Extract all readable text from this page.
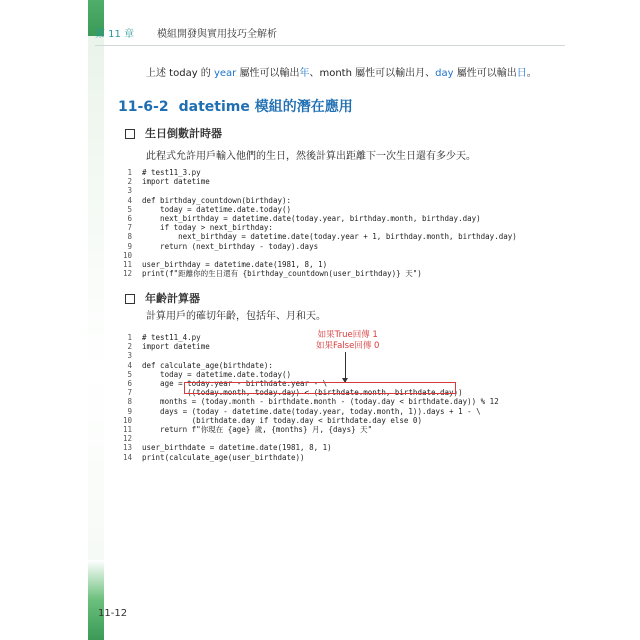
第 11 章 模組開發與實用技巧全解析
上述 today 的 year 屬性可以輸出年、month 屬性可以輸出月、day 屬性可以輸出日。
11-6-2 datetime 模組的潛在應用
生日倒數計時器
此程式允許用戶輸入他們的生日，然後計算出距離下一次生日還有多少天。
1 # test11_3.py
2 import datetime
3
4 def birthday_countdown(birthday):
5    today = datetime.date.today()
6    next_birthday = datetime.date(today.year, birthday.month, birthday.day)
7    if today > next_birthday:
8        next_birthday = datetime.date(today.year + 1, birthday.month, birthday.day)
9    return (next_birthday - today).days
10
11 user_birthday = datetime.date(1981, 8, 1)
12 print(f"距離你的生日還有 {birthday_countdown(user_birthday)} 天")
年齡計算器
計算用戶的確切年齡，包括年、月和天。
1 # test11_4.py
2 import datetime
3
4 def calculate_age(birthdate):
5    today = datetime.date.today()
6    age = today.year - birthdate.year - \
7          ((today.month, today.day) < (birthdate.month, birthdate.day))
8    months = (today.month - birthdate.month - (today.day < birthdate.day)) % 12
9    days = (today - datetime.date(today.year, today.month, 1)).days + 1 - \
10           (birthdate.day if today.day < birthdate.day else 0)
11    return f"你現在 {age} 歲, {months} 月, {days} 天"
12
13 user_birthdate = datetime.date(1981, 8, 1)
14 print(calculate_age(user_birthdate))
如果True回傳 1
如果False回傳 0
11-12
